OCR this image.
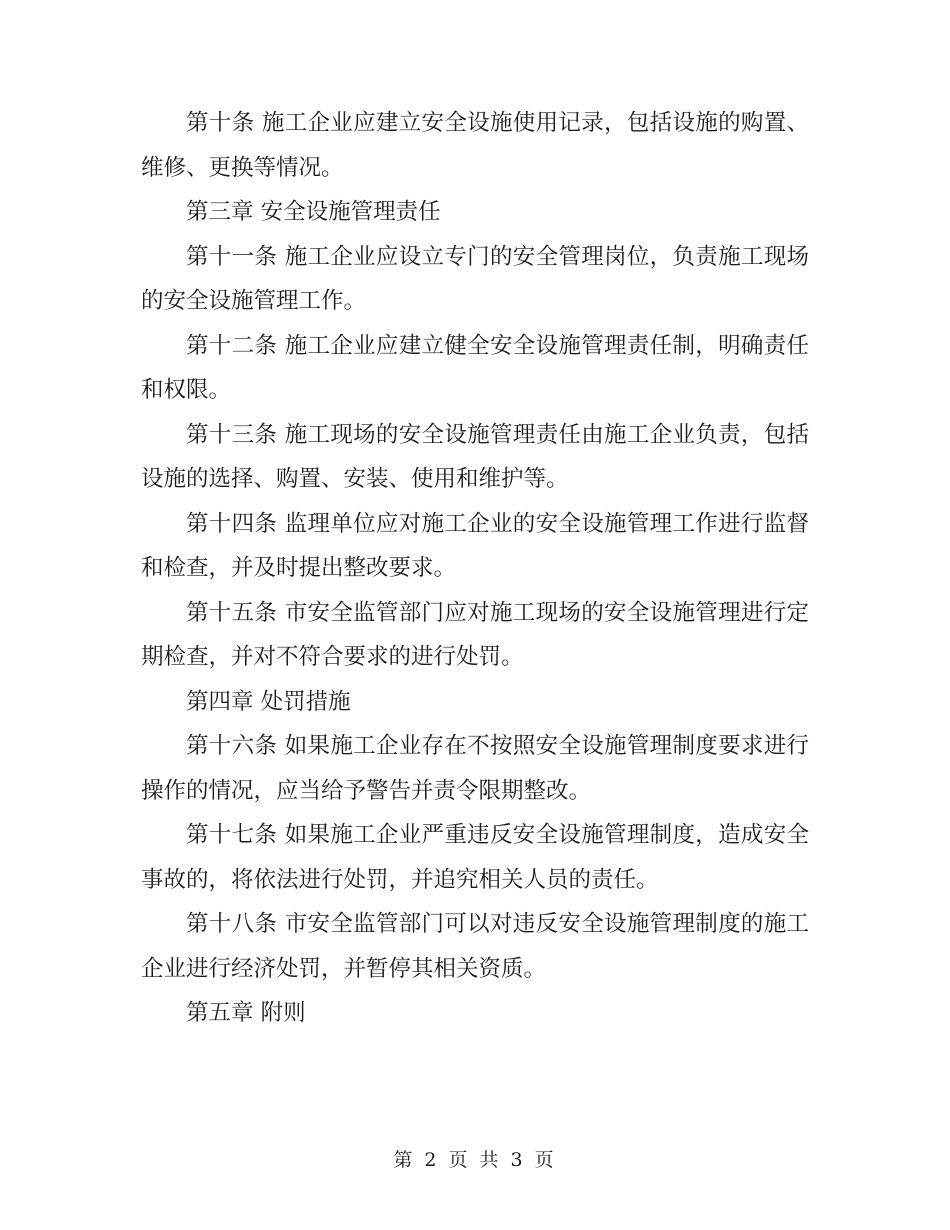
第十条 施工企业应建立安全设施使用记录，包括设施的购置、维修、更换等情况。

第三章 安全设施管理责任

第十一条 施工企业应设立专门的安全管理岗位，负责施工现场的安全设施管理工作。

第十二条 施工企业应建立健全安全设施管理责任制，明确责任和权限。

第十三条 施工现场的安全设施管理责任由施工企业负责，包括设施的选择、购置、安装、使用和维护等。

第十四条 监理单位应对施工企业的安全设施管理工作进行监督和检查，并及时提出整改要求。

第十五条 市安全监管部门应对施工现场的安全设施管理进行定期检查，并对不符合要求的进行处罚。

第四章 处罚措施

第十六条 如果施工企业存在不按照安全设施管理制度要求进行操作的情况，应当给予警告并责令限期整改。

第十七条 如果施工企业严重违反安全设施管理制度，造成安全事故的，将依法进行处罚，并追究相关人员的责任。

第十八条 市安全监管部门可以对违反安全设施管理制度的施工企业进行经济处罚，并暂停其相关资质。

第五章 附则

第 2 页 共 3 页
